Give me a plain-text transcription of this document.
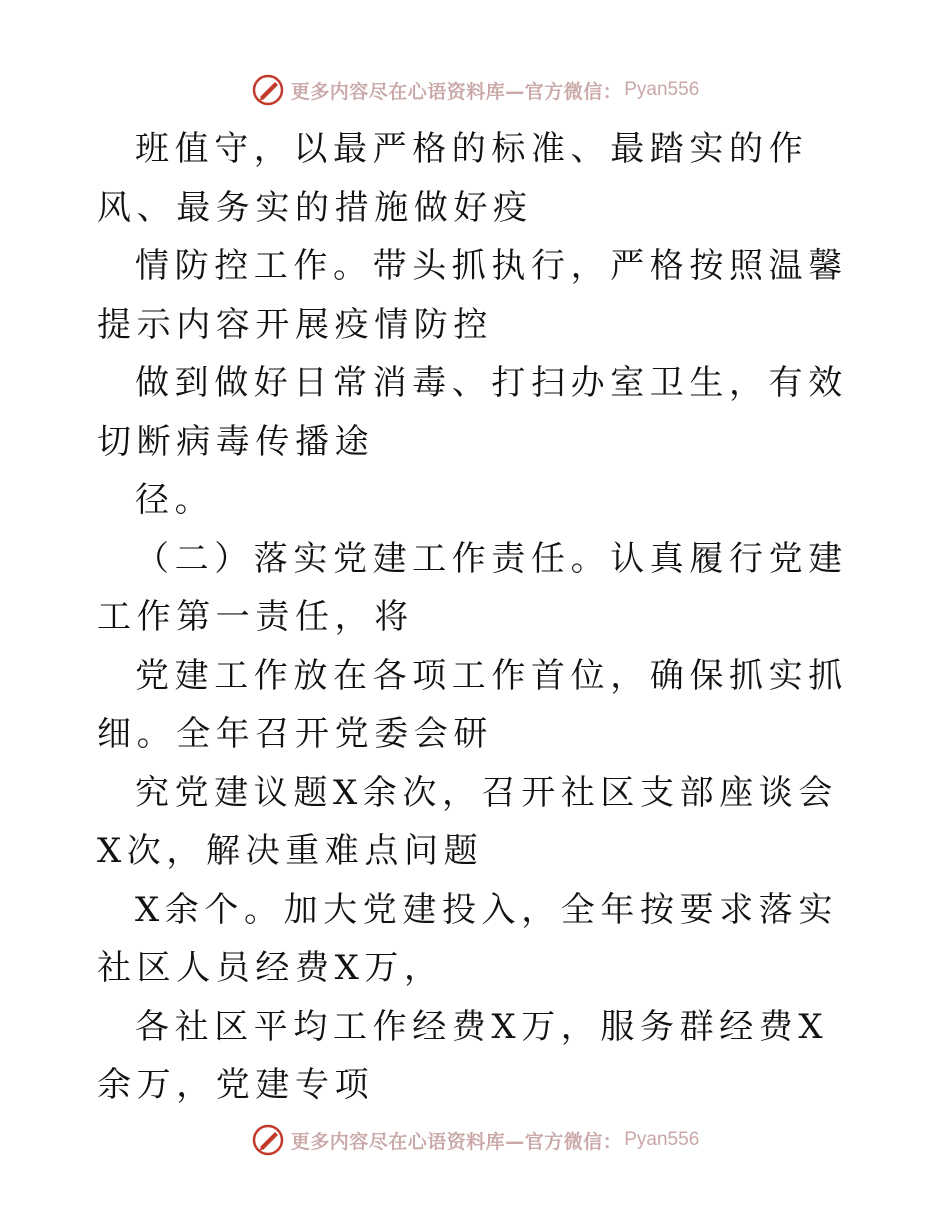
更多内容尽在心语资料库—官方微信： Pyan556

班值守，以最严格的标准、最踏实的作风、最务实的措施做好疫

情防控工作。带头抓执行，严格按照温馨提示内容开展疫情防控

做到做好日常消毒、打扫办室卫生，有效切断病毒传播途

径。

（二）落实党建工作责任。认真履行党建工作第一责任，将

党建工作放在各项工作首位，确保抓实抓细。全年召开党委会研

究党建议题X余次，召开社区支部座谈会X次，解决重难点问题

X余个。加大党建投入，全年按要求落实社区人员经费X万，

各社区平均工作经费X万，服务群经费X余万，党建专项

更多内容尽在心语资料库—官方微信： Pyan556
